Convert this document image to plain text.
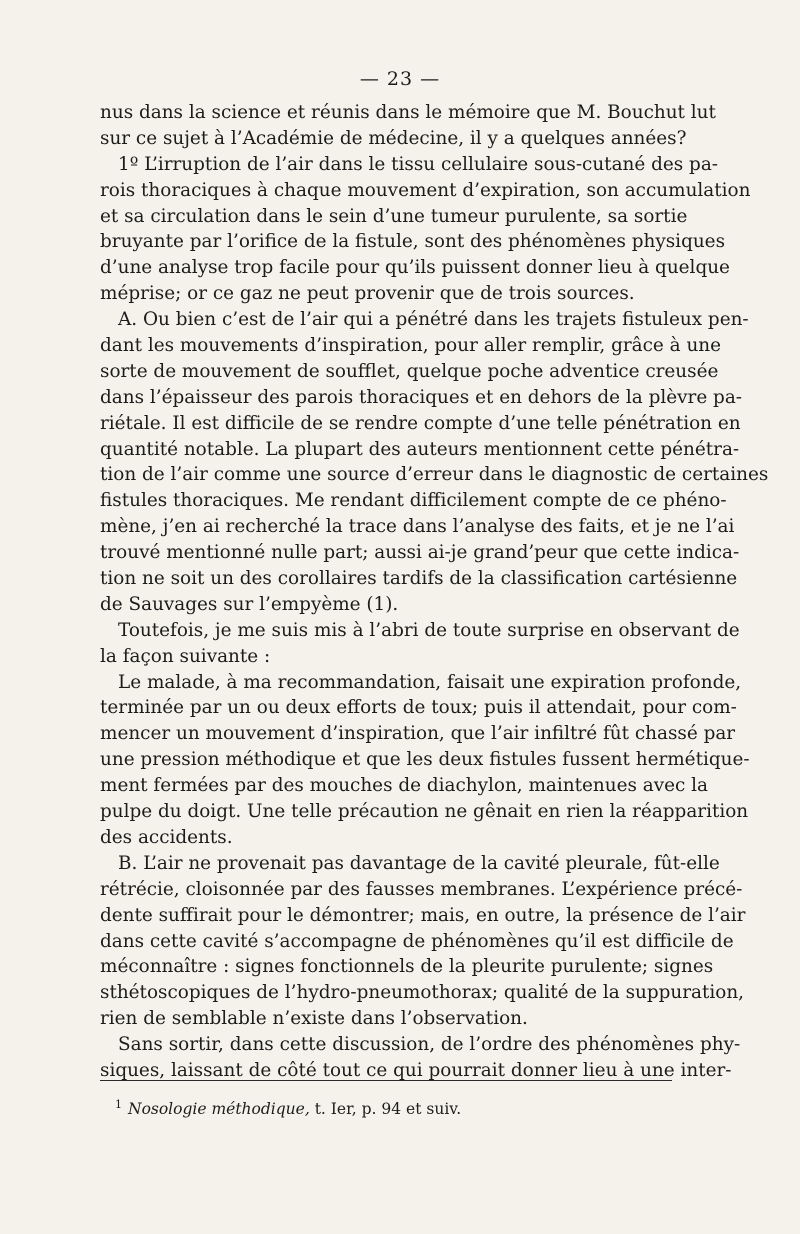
— 23 —
nus dans la science et réunis dans le mémoire que M. Bouchut lut
sur ce sujet à l’Académie de médecine, il y a quelques années?
1º L’irruption de l’air dans le tissu cellulaire sous-cutané des pa-
rois thoraciques à chaque mouvement d’expiration, son accumulation
et sa circulation dans le sein d’une tumeur purulente, sa sortie
bruyante par l’orifice de la fistule, sont des phénomènes physiques
d’une analyse trop facile pour qu’ils puissent donner lieu à quelque
méprise; or ce gaz ne peut provenir que de trois sources.
A. Ou bien c’est de l’air qui a pénétré dans les trajets fistuleux pen-
dant les mouvements d’inspiration, pour aller remplir, grâce à une
sorte de mouvement de soufflet, quelque poche adventice creusée
dans l’épaisseur des parois thoraciques et en dehors de la plèvre pa-
riétale. Il est difficile de se rendre compte d’une telle pénétration en
quantité notable. La plupart des auteurs mentionnent cette pénétra-
tion de l’air comme une source d’erreur dans le diagnostic de certaines
fistules thoraciques. Me rendant difficilement compte de ce phéno-
mène, j’en ai recherché la trace dans l’analyse des faits, et je ne l’ai
trouvé mentionné nulle part; aussi ai-je grand’peur que cette indica-
tion ne soit un des corollaires tardifs de la classification cartésienne
de Sauvages sur l’empyème (1).
Toutefois, je me suis mis à l’abri de toute surprise en observant de
la façon suivante :
Le malade, à ma recommandation, faisait une expiration profonde,
terminée par un ou deux efforts de toux; puis il attendait, pour com-
mencer un mouvement d’inspiration, que l’air infiltré fût chassé par
une pression méthodique et que les deux fistules fussent hermétique-
ment fermées par des mouches de diachylon, maintenues avec la
pulpe du doigt. Une telle précaution ne gênait en rien la réapparition
des accidents.
B. L’air ne provenait pas davantage de la cavité pleurale, fût-elle
rétrécie, cloisonnée par des fausses membranes. L’expérience précé-
dente suffirait pour le démontrer; mais, en outre, la présence de l’air
dans cette cavité s’accompagne de phénomènes qu’il est difficile de
méconnaître : signes fonctionnels de la pleurite purulente; signes
sthétoscopiques de l’hydro-pneumothorax; qualité de la suppuration,
rien de semblable n’existe dans l’observation.
Sans sortir, dans cette discussion, de l’ordre des phénomènes phy-
siques, laissant de côté tout ce qui pourrait donner lieu à une inter-
$^1$ Nosologie méthodique, t. Ier, p. 94 et suiv.
